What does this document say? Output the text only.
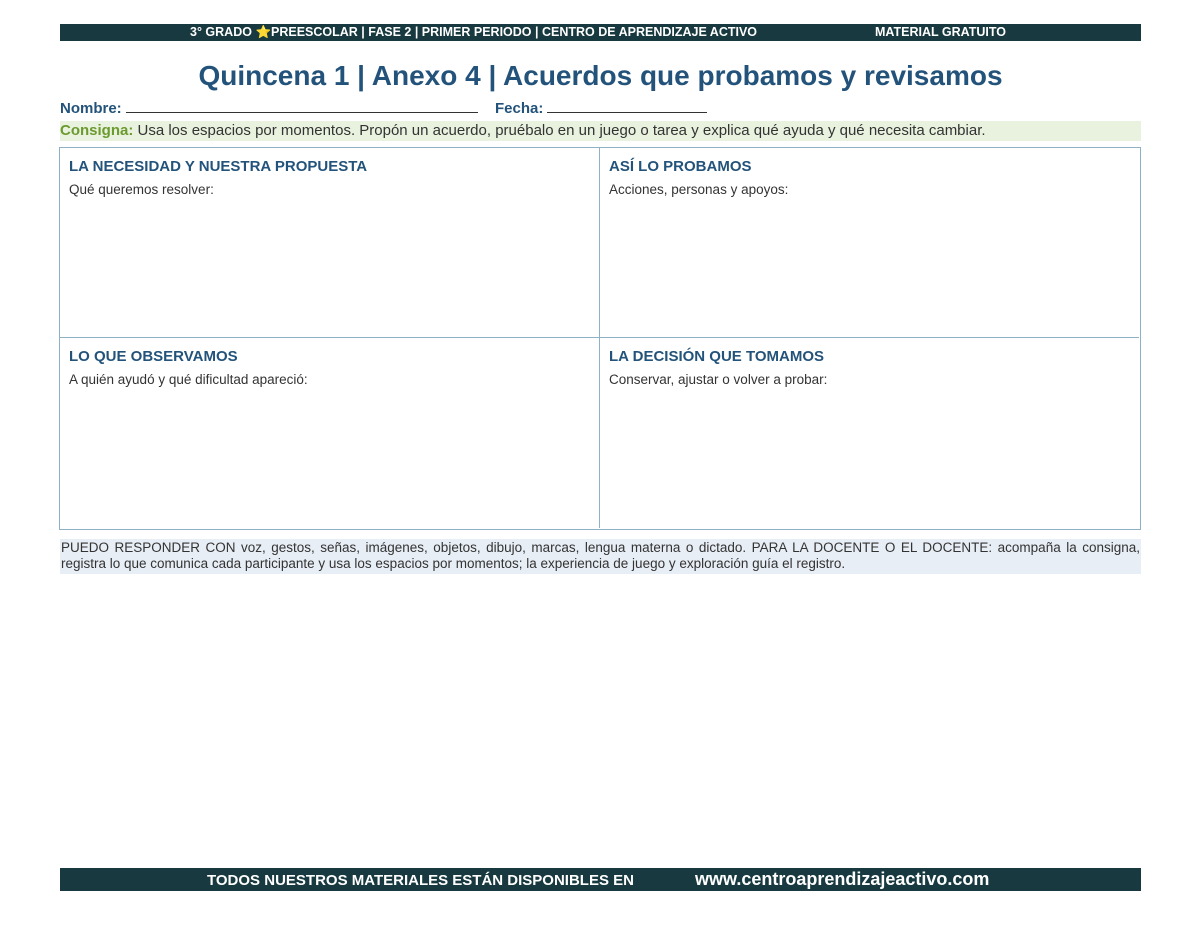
3° GRADO ⭐PREESCOLAR | FASE 2 | PRIMER PERIODO | CENTRO DE APRENDIZAJE ACTIVO	MATERIAL GRATUITO
Quincena 1 | Anexo 4 | Acuerdos que probamos y revisamos
Nombre:	Fecha:
Consigna: Usa los espacios por momentos. Propón un acuerdo, pruébalo en un juego o tarea y explica qué ayuda y qué necesita cambiar.
LA NECESIDAD Y NUESTRA PROPUESTA

Qué queremos resolver:

ASÍ LO PROBAMOS

Acciones, personas y apoyos:

LO QUE OBSERVAMOS

A quién ayudó y qué dificultad apareció:

LA DECISIÓN QUE TOMAMOS

Conservar, ajustar o volver a probar:

PUEDO RESPONDER CON voz, gestos, señas, imágenes, objetos, dibujo, marcas, lengua materna o dictado. PARA LA DOCENTE O EL DOCENTE: acompaña la consigna, registra lo que comunica cada participante y usa los espacios por momentos; la experiencia de juego y exploración guía el registro.
TODOS NUESTROS MATERIALES ESTÁN DISPONIBLES EN	www.centroaprendizajeactivo.com
